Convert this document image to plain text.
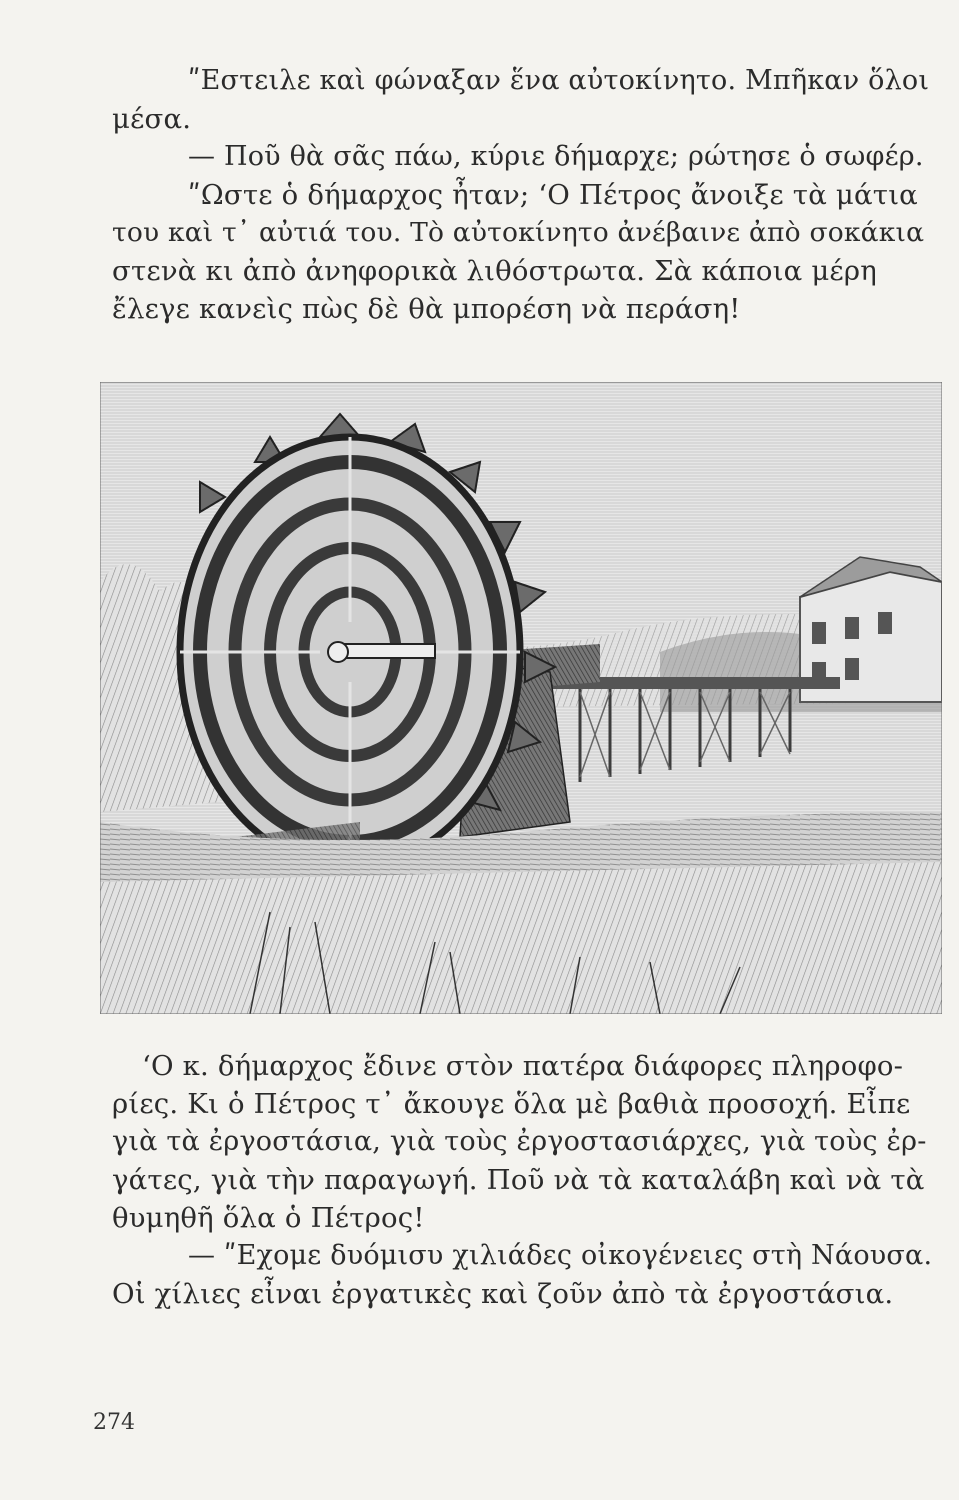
ʺΕστειλε καὶ φώναξαν ἕνα αὐτοκίνητο. Μπῆκαν ὅλοι
μέσα.
— Ποῦ θὰ σᾶς πάω, κύριε δήμαρχε; ρώτησε ὁ σωφέρ.
ʺΩστε ὁ δήμαρχος ἦταν; ʻΟ Πέτρος ἄνοιξε τὰ μάτια
του καὶ τ᾿ αὐτιά του. Τὸ αὐτοκίνητο ἀνέβαινε ἀπὸ σοκάκια
στενὰ κι ἀπὸ ἀνηφορικὰ λιθόστρωτα. Σὰ κάποια μέρη
ἔλεγε κανεὶς πὼς δὲ θὰ μπορέση νὰ περάση!
ʻΟ κ. δήμαρχος ἔδινε στὸν πατέρα διάφορες πληροφο-
ρίες. Κι ὁ Πέτρος τ᾿ ἄκουγε ὅλα μὲ βαθιὰ προσοχή. Εἶπε
γιὰ τὰ ἐργοστάσια, γιὰ τοὺς ἐργοστασιάρχες, γιὰ τοὺς ἐρ-
γάτες, γιὰ τὴν παραγωγή. Ποῦ νὰ τὰ καταλάβη καὶ νὰ τὰ
θυμηθῆ ὅλα ὁ Πέτρος!
— ʺΕχομε δυόμισυ χιλιάδες οἰκογένειες στὴ Νάουσα.
Οἱ χίλιες εἶναι ἐργατικὲς καὶ ζοῦν ἀπὸ τὰ ἐργοστάσια.
274
